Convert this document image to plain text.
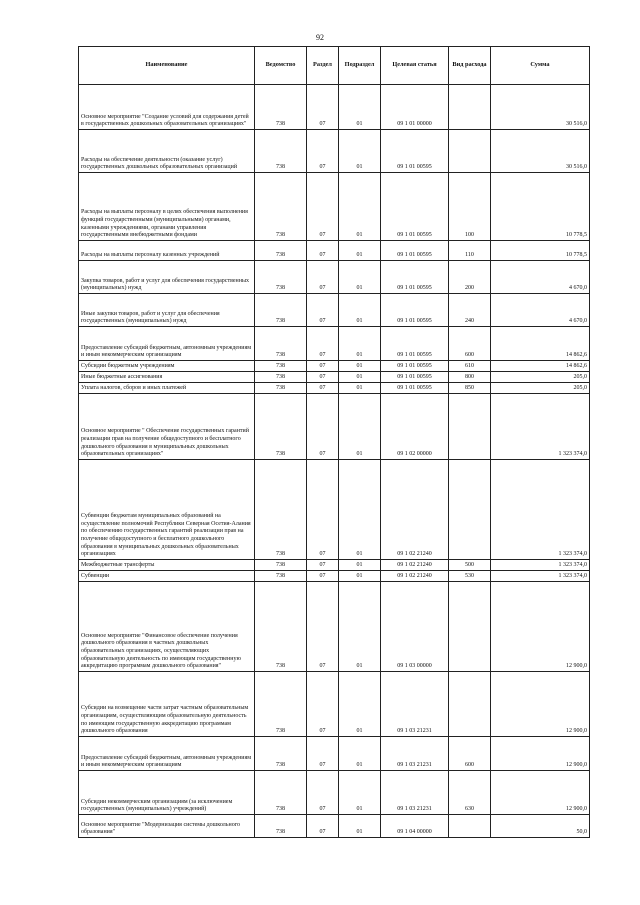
92
Наименование	Ведомство	Раздел	Подраздел	Целевая статья	Вид расхода	Сумма
Основное мероприятие "Создание условий для содержания детей в государственных дошкольных образовательных организациях"	738	07	01	09 1 01 00000		30 516,0
Расходы на обеспечение деятельности (оказание услуг) государственных дошкольных образовательных организаций	738	07	01	09 1 01 00595		30 516,0
Расходы на выплаты персоналу в целях обеспечения выполнения функций государственными (муниципальными) органами, казенными учреждениями, органами управления государственными внебюджетными фондами	738	07	01	09 1 01 00595	100	10 778,5
Расходы на выплаты персоналу казенных учреждений	738	07	01	09 1 01 00595	110	10 778,5
Закупка товаров, работ и услуг для обеспечения государственных (муниципальных) нужд	738	07	01	09 1 01 00595	200	4 670,0
Иные закупки товаров, работ и услуг для обеспечения государственных (муниципальных) нужд	738	07	01	09 1 01 00595	240	4 670,0
Предоставление субсидий бюджетным, автономным учреждениям и иным некоммерческим организациям	738	07	01	09 1 01 00595	600	14 862,6
Субсидии бюджетным учреждениям	738	07	01	09 1 01 00595	610	14 862,6
Иные бюджетные ассигнования	738	07	01	09 1 01 00595	800	205,0
Уплата налогов, сборов и иных платежей	738	07	01	09 1 01 00595	850	205,0
Основное мероприятие " Обеспечение государственных гарантий реализации прав на получение общедоступного и бесплатного дошкольного образования в муниципальных дошкольных образовательных организациях"	738	07	01	09 1 02 00000		1 323 374,0
Субвенции бюджетам муниципальных образований на осуществление полномочий Республики Северная Осетия-Алания по обеспечению государственных гарантий реализации прав на получение общедоступного и бесплатного дошкольного образования в муниципальных дошкольных образовательных организациях	738	07	01	09 1 02 21240		1 323 374,0
Межбюджетные трансферты	738	07	01	09 1 02 21240	500	1 323 374,0
Субвенции	738	07	01	09 1 02 21240	530	1 323 374,0
Основное мероприятие "Финансовое обеспечение получения дошкольного образования в частных дошкольных образовательных организациях, осуществляющих образовательную деятельность по имеющим государственную аккредитацию программам дошкольного образования"	738	07	01	09 1 03 00000		12 900,0
Субсидии на возмещение части затрат частным образовательным организациям, осуществляющим образовательную деятельность по имеющим государственную аккредитацию программам дошкольного образования	738	07	01	09 1 03 21231		12 900,0
Предоставление субсидий бюджетным, автономным учреждениям и иным некоммерческим организациям	738	07	01	09 1 03 21231	600	12 900,0
Субсидии некоммерческим организациям (за исключением государственных (муниципальных) учреждений)	738	07	01	09 1 03 21231	630	12 900,0
Основное мероприятие "Модернизация системы дошкольного образования"	738	07	01	09 1 04 00000		50,0
